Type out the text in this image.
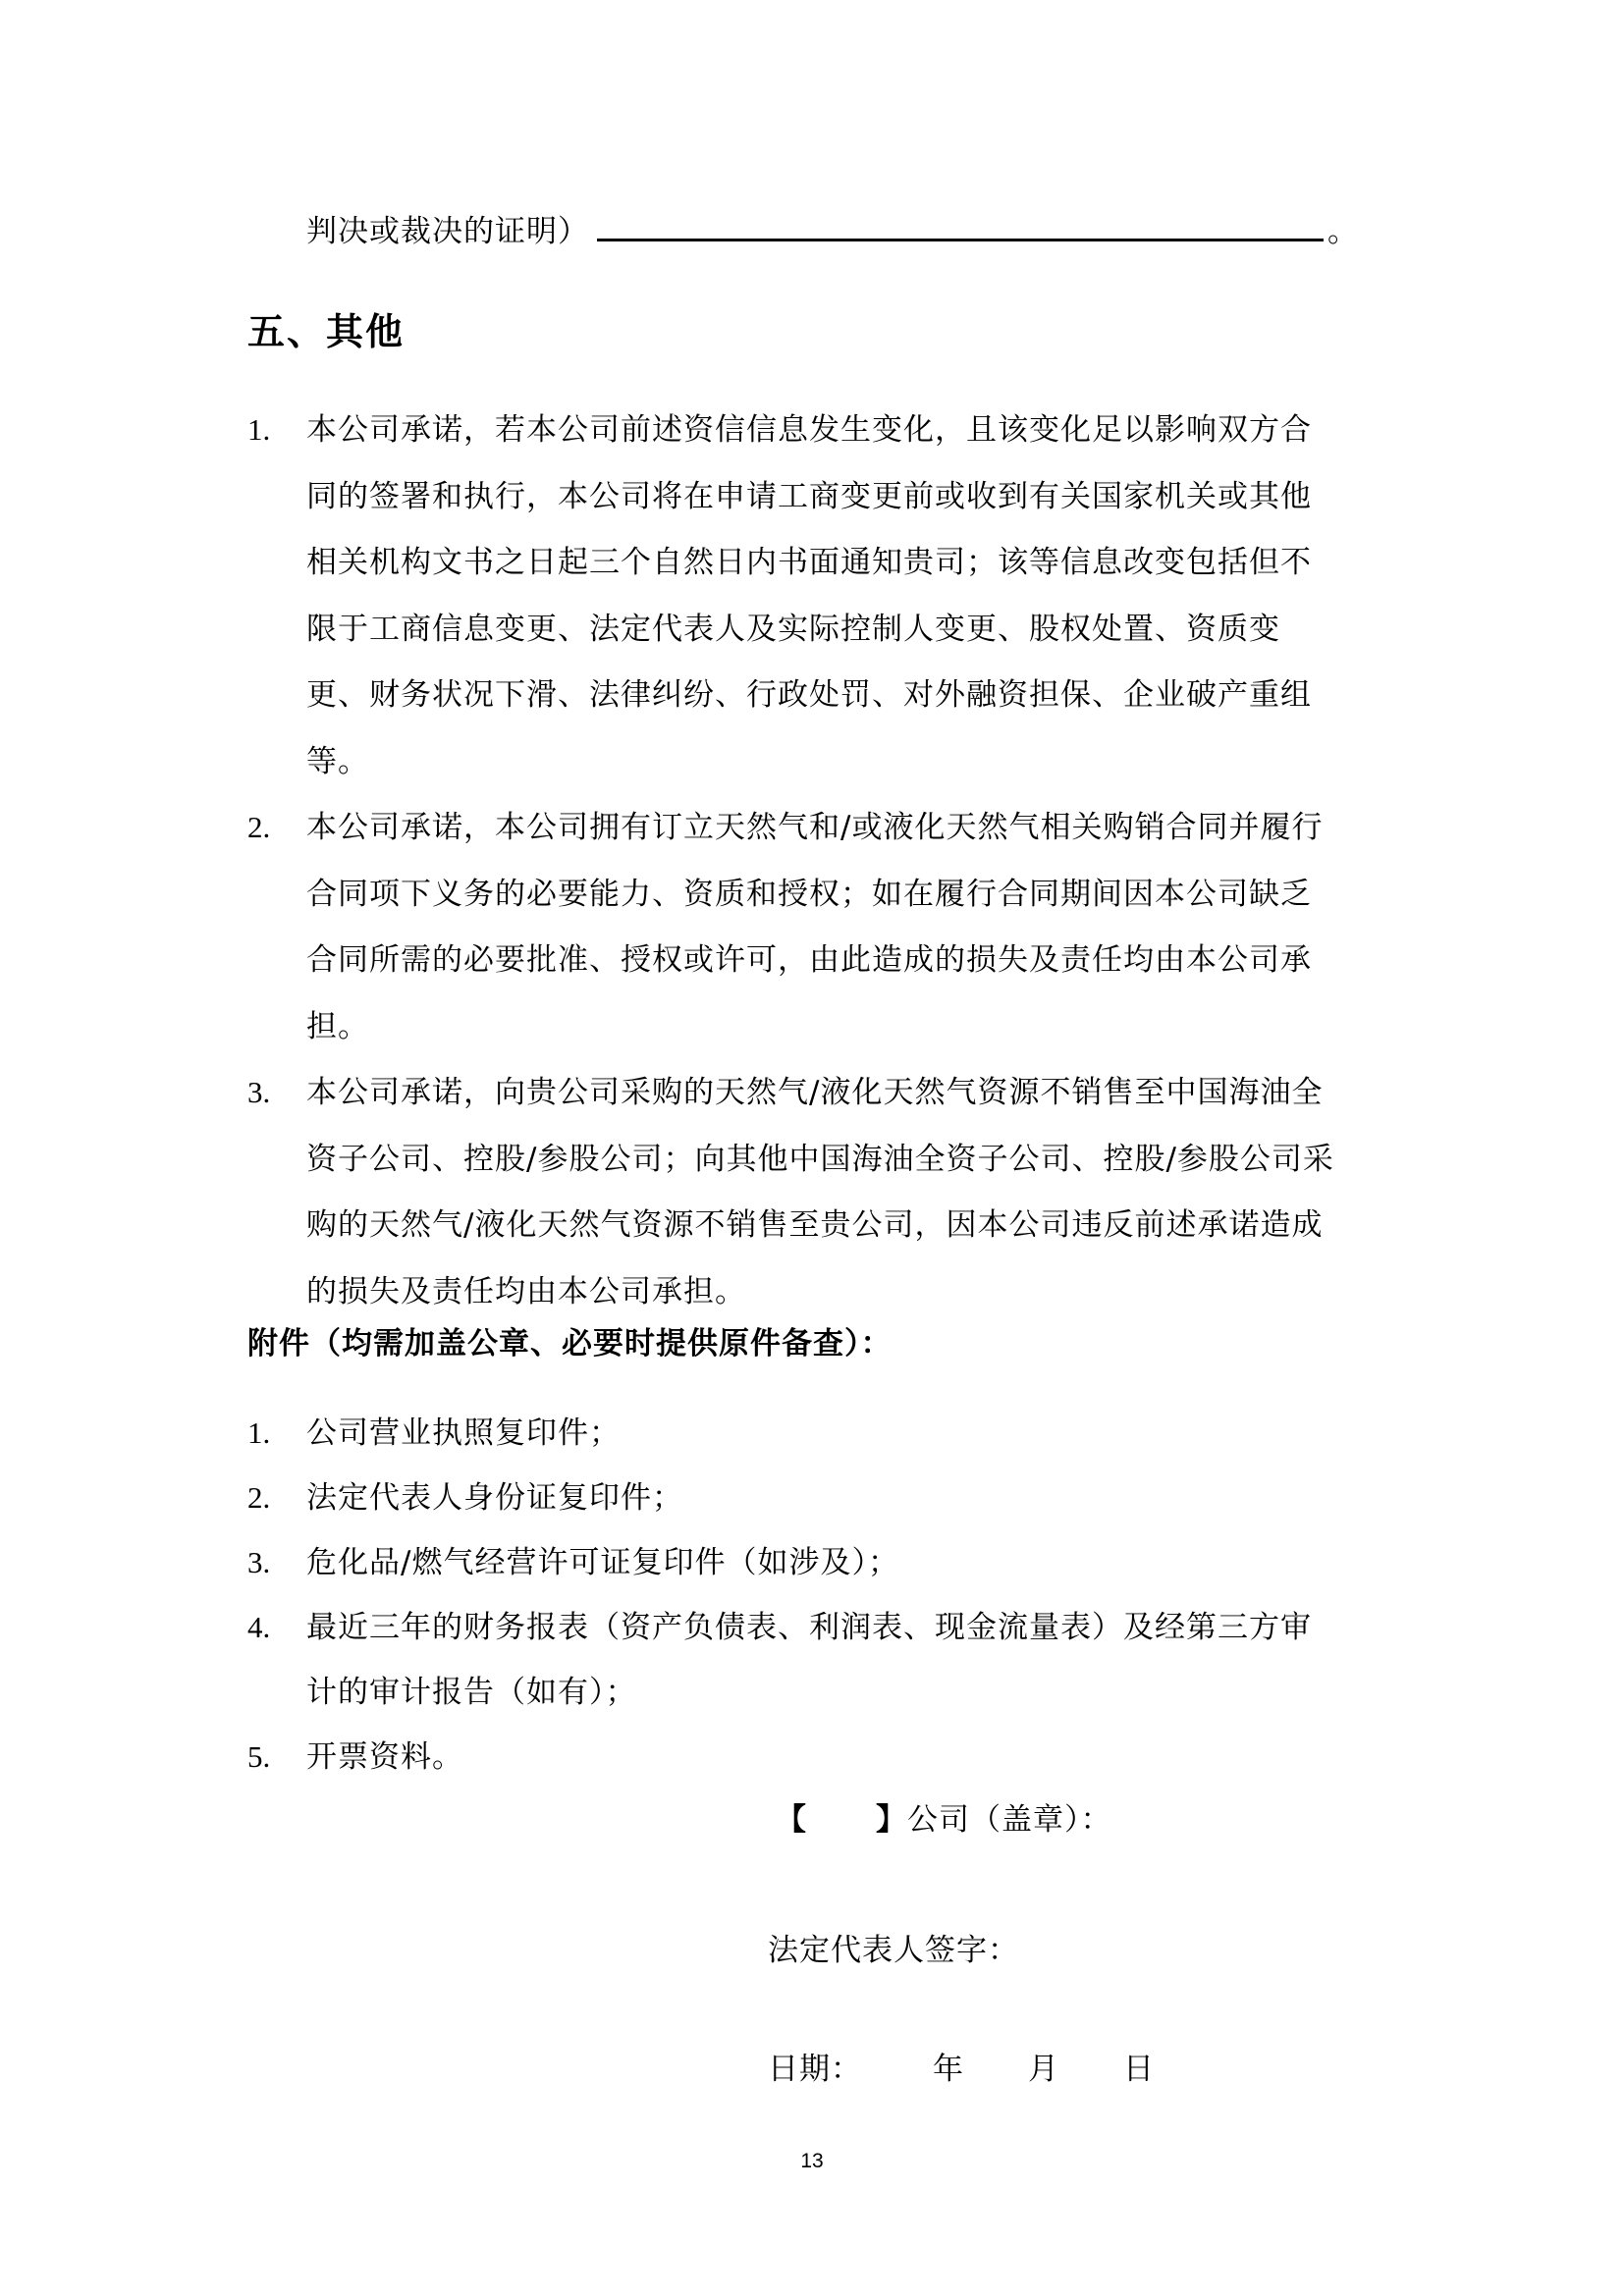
判决或裁决的证明）	。
五、其他
1. 本公司承诺，若本公司前述资信信息发生变化，且该变化足以影响双方合
同的签署和执行，本公司将在申请工商变更前或收到有关国家机关或其他
相关机构文书之日起三个自然日内书面通知贵司；该等信息改变包括但不
限于工商信息变更、法定代表人及实际控制人变更、股权处置、资质变
更、财务状况下滑、法律纠纷、行政处罚、对外融资担保、企业破产重组
等。
2. 本公司承诺，本公司拥有订立天然气和/或液化天然气相关购销合同并履行
合同项下义务的必要能力、资质和授权；如在履行合同期间因本公司缺乏
合同所需的必要批准、授权或许可，由此造成的损失及责任均由本公司承
担。
3. 本公司承诺，向贵公司采购的天然气/液化天然气资源不销售至中国海油全
资子公司、控股/参股公司；向其他中国海油全资子公司、控股/参股公司采
购的天然气/液化天然气资源不销售至贵公司，因本公司违反前述承诺造成
的损失及责任均由本公司承担。
附件（均需加盖公章、必要时提供原件备查）：
1. 公司营业执照复印件；
2. 法定代表人身份证复印件；
3. 危化品/燃气经营许可证复印件（如涉及）；
4. 最近三年的财务报表（资产负债表、利润表、现金流量表）及经第三方审
计的审计报告（如有）；
5. 开票资料。
【 】公司（盖章）：
法定代表人签字：
日期： 年 月 日
13
